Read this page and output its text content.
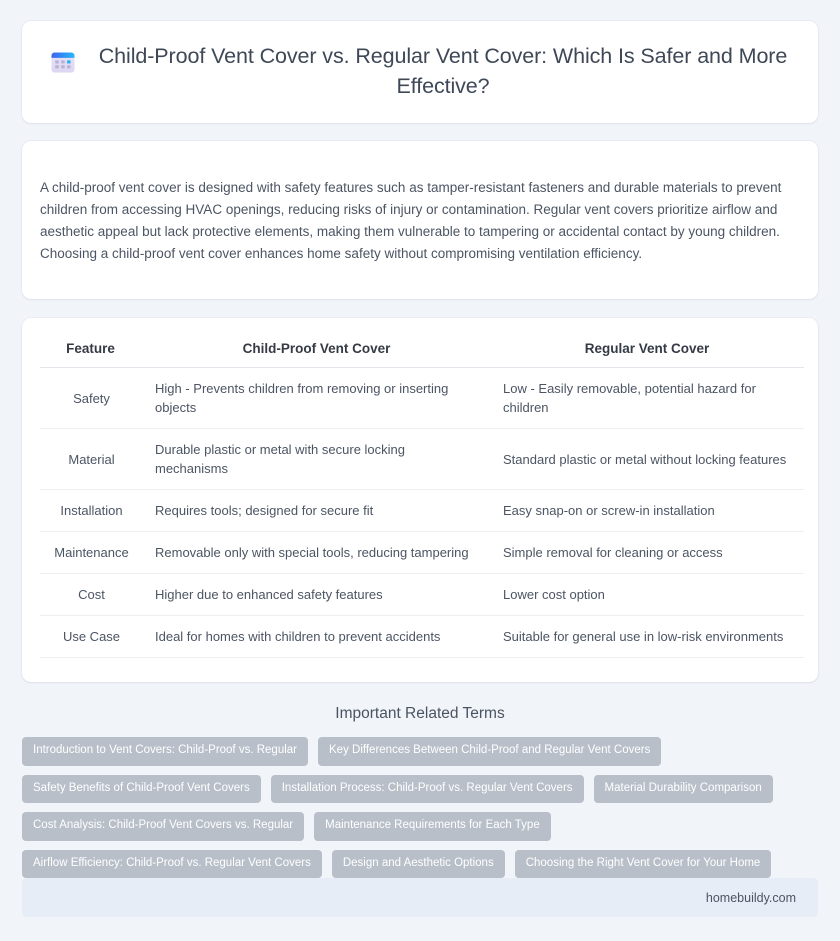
Child-Proof Vent Cover vs. Regular Vent Cover: Which Is Safer and More Effective?

A child-proof vent cover is designed with safety features such as tamper-resistant fasteners and durable materials to prevent children from accessing HVAC openings, reducing risks of injury or contamination. Regular vent covers prioritize airflow and aesthetic appeal but lack protective elements, making them vulnerable to tampering or accidental contact by young children. Choosing a child-proof vent cover enhances home safety without compromising ventilation efficiency.

Feature	Child-Proof Vent Cover	Regular Vent Cover
Safety	High - Prevents children from removing or inserting objects	Low - Easily removable, potential hazard for children
Material	Durable plastic or metal with secure locking mechanisms	Standard plastic or metal without locking features
Installation	Requires tools; designed for secure fit	Easy snap-on or screw-in installation
Maintenance	Removable only with special tools, reducing tampering	Simple removal for cleaning or access
Cost	Higher due to enhanced safety features	Lower cost option
Use Case	Ideal for homes with children to prevent accidents	Suitable for general use in low-risk environments
Important Related Terms
Introduction to Vent Covers: Child-Proof vs. Regular	Key Differences Between Child-Proof and Regular Vent Covers
Safety Benefits of Child-Proof Vent Covers	Installation Process: Child-Proof vs. Regular Vent Covers	Material Durability Comparison
Cost Analysis: Child-Proof Vent Covers vs. Regular	Maintenance Requirements for Each Type
Airflow Efficiency: Child-Proof vs. Regular Vent Covers	Design and Aesthetic Options	Choosing the Right Vent Cover for Your Home
homebuildy.com
